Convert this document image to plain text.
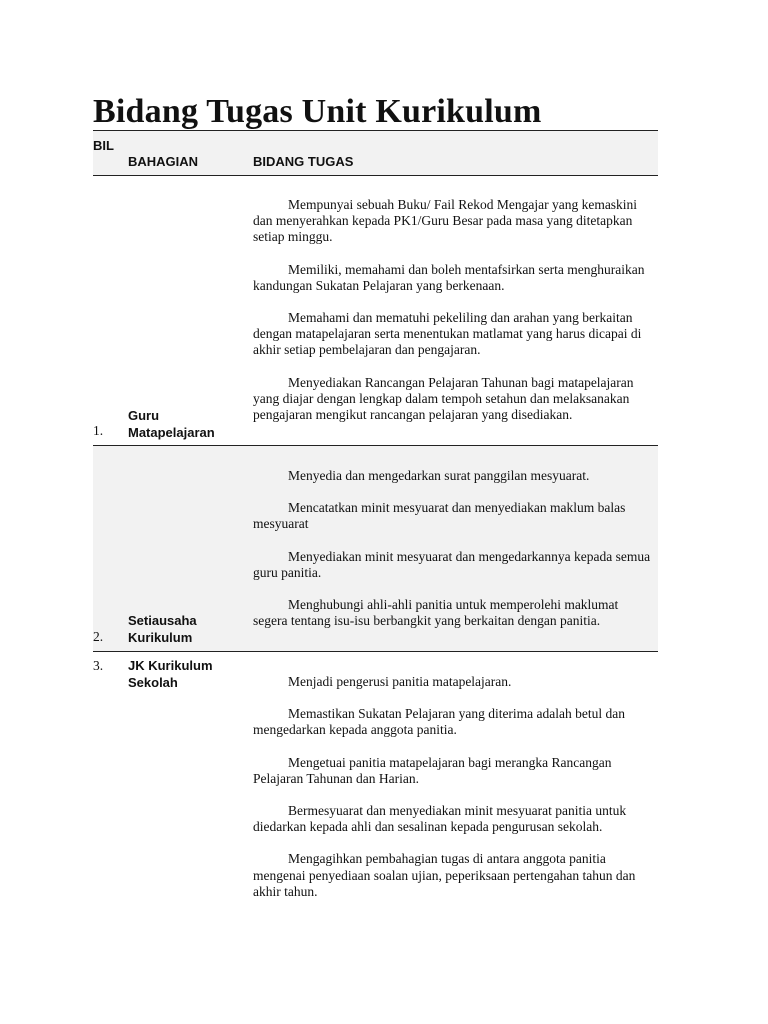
Bidang Tugas Unit Kurikulum
BIL
BAHAGIAN	BIDANG TUGAS
1.
Guru Matapelajaran

Mempunyai sebuah Buku/ Fail Rekod Mengajar yang kemaskini dan menyerahkan kepada PK1/Guru Besar pada masa yang ditetapkan setiap minggu.

Memiliki, memahami dan boleh mentafsirkan serta menghuraikan kandungan Sukatan Pelajaran yang berkenaan.

Memahami dan mematuhi pekeliling dan arahan yang berkaitan dengan matapelajaran serta menentukan matlamat yang harus dicapai di akhir setiap pembelajaran dan pengajaran.

Menyediakan Rancangan Pelajaran Tahunan bagi matapelajaran yang diajar dengan lengkap dalam tempoh setahun dan melaksanakan pengajaran mengikut rancangan pelajaran yang disediakan.

2.
Setiausaha Kurikulum

Menyedia dan mengedarkan surat panggilan mesyuarat.

Mencatatkan minit mesyuarat dan menyediakan maklum balas mesyuarat

Menyediakan minit mesyuarat dan mengedarkannya kepada semua guru panitia.

Menghubungi ahli-ahli panitia untuk memperolehi maklumat segera tentang isu-isu berbangkit yang berkaitan dengan panitia.

3. JK Kurikulum Sekolah	Menjadi pengerusi panitia matapelajaran.

Memastikan Sukatan Pelajaran yang diterima adalah betul dan mengedarkan kepada anggota panitia.

Mengetuai panitia matapelajaran bagi merangka Rancangan Pelajaran Tahunan dan Harian.

Bermesyuarat dan menyediakan minit mesyuarat panitia untuk diedarkan kepada ahli dan sesalinan kepada pengurusan sekolah.

Mengagihkan pembahagian tugas di antara anggota panitia mengenai penyediaan soalan ujian, peperiksaan pertengahan tahun dan akhir tahun.
